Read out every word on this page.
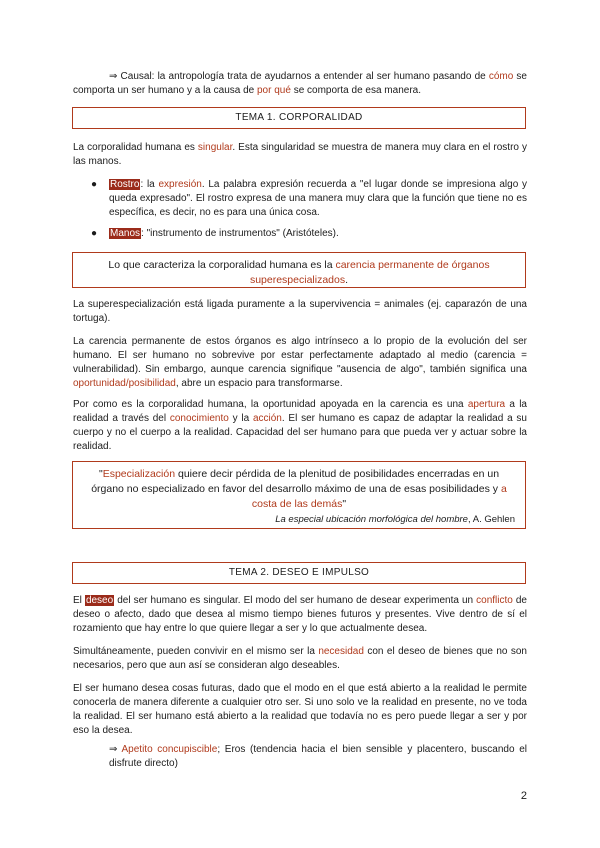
⇒ Causal: la antropología trata de ayudarnos a entender al ser humano pasando de cómo se comporta un ser humano y a la causa de por qué se comporta de esa manera.

TEMA 1. CORPORALIDAD

La corporalidad humana es singular. Esta singularidad se muestra de manera muy clara en el rostro y las manos.

● Rostro: la expresión. La palabra expresión recuerda a "el lugar donde se impresiona algo y queda expresado". El rostro expresa de una manera muy clara que la función que tiene no es específica, es decir, no es para una única cosa.

● Manos: "instrumento de instrumentos" (Aristóteles).

Lo que caracteriza la corporalidad humana es la carencia permanente de órganos superespecializados.

La superespecialización está ligada puramente a la supervivencia = animales (ej. caparazón de una tortuga).

La carencia permanente de estos órganos es algo intrínseco a lo propio de la evolución del ser humano. El ser humano no sobrevive por estar perfectamente adaptado al medio (carencia = vulnerabilidad). Sin embargo, aunque carencia signifique "ausencia de algo", también significa una oportunidad/posibilidad, abre un espacio para transformarse.

Por como es la corporalidad humana, la oportunidad apoyada en la carencia es una apertura a la realidad a través del conocimiento y la acción. El ser humano es capaz de adaptar la realidad a su cuerpo y no el cuerpo a la realidad. Capacidad del ser humano para que pueda ver y actuar sobre la realidad.

"Especialización quiere decir pérdida de la plenitud de posibilidades encerradas en un órgano no especializado en favor del desarrollo máximo de una de esas posibilidades y a costa de las demás"
La especial ubicación morfológica del hombre, A. Gehlen
TEMA 2. DESEO E IMPULSO

El deseo del ser humano es singular. El modo del ser humano de desear experimenta un conflicto de deseo o afecto, dado que desea al mismo tiempo bienes futuros y presentes. Vive dentro de sí el rozamiento que hay entre lo que quiere llegar a ser y lo que actualmente desea.

Simultáneamente, pueden convivir en el mismo ser la necesidad con el deseo de bienes que no son necesarios, pero que aun así se consideran algo deseables.

El ser humano desea cosas futuras, dado que el modo en el que está abierto a la realidad le permite conocerla de manera diferente a cualquier otro ser. Si uno solo ve la realidad en presente, no ve toda la realidad. El ser humano está abierto a la realidad que todavía no es pero puede llegar a ser y por eso la desea.

⇒ Apetito concupiscible; Eros (tendencia hacia el bien sensible y placentero, buscando el disfrute directo)

2
